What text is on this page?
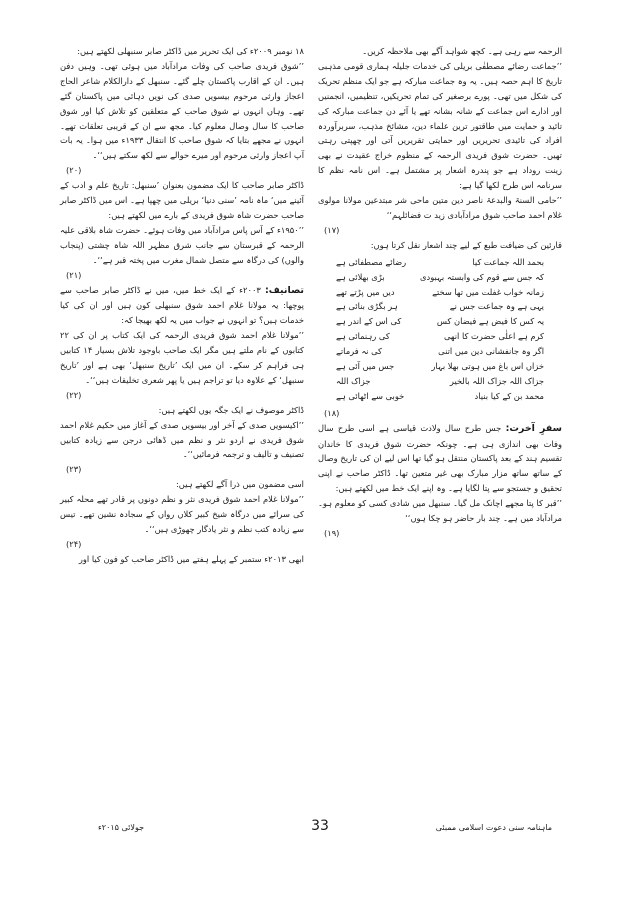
الرحمہ سے رہی ہے۔ کچھ شواہد آگے بھی ملاحظہ کریں۔

’’جماعت رضائے مصطفٰی بریلی کی خدمات جلیلہ ہماری قومی مذہبی تاریخ کا اہم حصہ ہیں۔ یہ وہ جماعت مبارکہ ہے جو ایک منظم تحریک کی شکل میں تھی۔ پورے برصغیر کی تمام تحریکیں، تنظیمیں، انجمنیں اور ادارے اس جماعت کے شانہ بشانہ تھے یا آئے دن جماعت مبارکہ کی تائید و حمایت میں طاقتور ترین علماء دین، مشائخ مذہب، سربرآوردہ افراد کی تائیدی تحریریں اور حمایتی تقریریں آتی اور چھپتی رہتی تھیں۔ حضرت شوق فریدی الرحمہ کے منظوم خراج عقیدت نے بھی زینت روداد ہے جو پندرہ اشعار پر مشتمل ہے۔ اس نامہ نظم کا سرنامہ اس طرح لکھا گیا ہے:

’’حامی السنۃ والبدعۃ ناصر دین متین ماحی شر مبتدعین مولانا مولوی غلام احمد صاحب شوق مرادآبادی زید ت فضائلہم‘‘

(۱۷)

قارئین کی ضیافت طبع کے لیے چند اشعار نقل کرتا ہوں:

بحمد اللہ جماعت کیا
رضائے مصطفائی ہے
کہ جس سے قوم کی وابستہ بہبودی
بڑی بھلائی ہے
زمانہ خواب غفلت میں تھا سختے
دیں میں پڑتے تھے
یہی ہے وہ جماعت جس نے
ہر بگڑی بنائی ہے
یہ کس کا فیض ہے فیضان کس
کی اس کے اندر ہے
کرم ہے اعلٰی حضرت کا انھی
کی رہنمائی ہے
اگر وہ جانفشانی دین میں اتنی
کی نہ فرماتے
خزاں اس باغ میں ہوتی بھلا بہار
جس میں آئی ہے
جزاک اللہ جزاک اللہ بالخیر
جزاک اللہ
محمد بن کے کیا بنیاد
خوبی سے اٹھائی ہے

(۱۸)

سفرِ آخرت: جس طرح سال ولادت قیاسی ہے اسی طرح سال وفات بھی اندازی ہی ہے۔ چونکہ حضرت شوق فریدی کا خاندان تقسیم ہند کے بعد پاکستان منتقل ہو گیا تھا اس لیے ان کی تاریخ وصال کے ساتھ ساتھ مزار مبارک بھی غیر متعین تھا۔ ڈاکٹر صاحب نے اپنی تحقیق و جستجو سے پتا لگایا ہے۔ وہ اپنے ایک خط میں لکھتے ہیں:

’’قبر کا پتا مجھے اچانک مل گیا۔ سنبھل میں شادی کسی کو معلوم ہو۔ مرادآباد میں ہے۔ چند بار حاضر ہو چکا ہوں‘‘

(۱۹)

۱۸ نومبر ۲۰۰۹ء کی ایک تحریر میں ڈاکٹر صابر سنبھلی لکھتے ہیں:

’’شوق فریدی صاحب کی وفات مرادآباد میں ہوئی تھی۔ وہیں دفن ہیں۔ ان کے اقارب پاکستان چلے گئے۔ سنبھل کے دارالکلام شاعر الحاج اعجاز وارثی مرحوم بیسویں صدی کی نویں دہائی میں پاکستان گئے تھے۔ وہاں انہوں نے شوق صاحب کے متعلقین کو تلاش کیا اور شوق صاحب کا سال وصال معلوم کیا۔ مجھ سے ان کے قریبی تعلقات تھے۔ انہوں نے مجھے بتایا کہ شوق صاحب کا انتقال ۱۹۳۳ء میں ہوا۔ یہ بات آپ اعجاز وارثی مرحوم اور میرے حوالے سے لکھ سکتے ہیں‘‘۔

(۲۰)

ڈاکٹر صابر صاحب کا ایک مضمون بعنوان ’سنبھل: تاریخ علم و ادب کے آئینے میں‘ ماہ نامہ ’سنی دنیا‘ بریلی میں چھپا ہے۔ اس میں ڈاکٹر صابر صاحب حضرت شاہ شوق فریدی کے بارے میں لکھتے ہیں:

’’۱۹۵۰ء کے آس پاس مرادآباد میں وفات ہوئے۔ حضرت شاہ بلاقی علیہ الرحمہ کے قبرستان سے جانب شرق مظہر اللہ شاہ چشتی (پنجاب والوں) کی درگاہ سے متصل شمال مغرب میں پختہ قبر ہے‘‘۔

(۲۱)

تصانیف: ۲۰۰۳ء کے ایک خط میں، میں نے ڈاکٹر صابر صاحب سے پوچھا: یہ مولانا غلام احمد شوق سنبھلی کون ہیں اور ان کی کیا خدمات ہیں؟ تو انہوں نے جواب میں یہ لکھ بھیجا کہ:

’’مولانا غلام احمد شوق فریدی الرحمہ کی ایک کتاب پر ان کی ۲۲ کتابوں کے نام ملتے ہیں مگر ایک صاحب باوجود تلاش بسیار ۱۴ کتابیں ہی فراہم کر سکے۔ ان میں ایک ’تاریخ سنبھل‘ بھی ہے اور ’تاریخ سنبھل‘ کے علاوہ دیا تو تراجم ہیں یا پھر شعری تخلیقات ہیں‘‘۔

(۲۲)

ڈاکٹر موصوف نے ایک جگہ یوں لکھتے ہیں:

’’اکیسویں صدی کے آخر اور بیسویں صدی کے آغاز میں حکیم غلام احمد شوق فریدی نے اردو نثر و نظم میں ڈھائی درجن سے زیادہ کتابیں تصنیف و تالیف و ترجمہ فرمائیں‘‘۔

(۲۳)

اسی مضمون میں ذرا آگے لکھتے ہیں:

’’مولانا غلام احمد شوق فریدی نثر و نظم دونوں پر قادر تھے محلہ کبیر کی سرائے میں درگاہ شیخ کبیر کلاں رواں کے سجادہ نشین تھے۔ تیس سے زیادہ کتب نظم و نثر یادگار چھوڑی ہیں‘‘۔

(۲۴)

ابھی ۲۰۱۳ء ستمبر کے پہلے ہفتے میں ڈاکٹر صاحب کو فون کیا اور

33
جولائی ۲۰۱۵ء	ماہنامہ سنی دعوت اسلامی ممبئی
